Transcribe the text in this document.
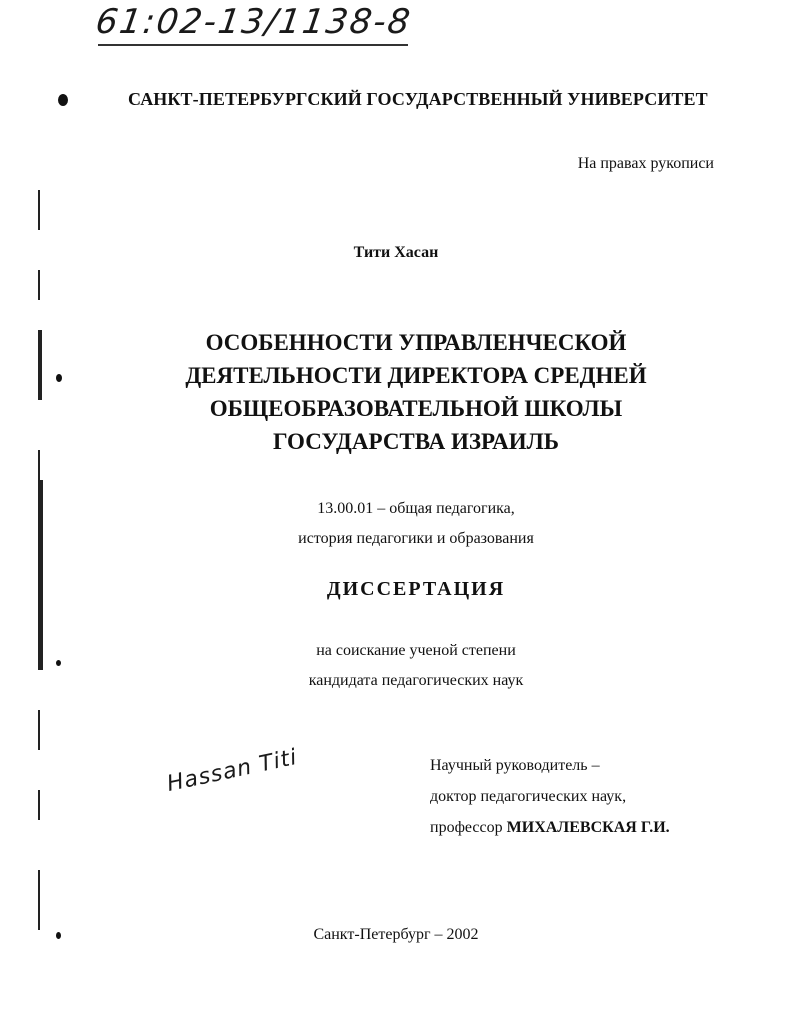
61:02-13/1138-8
САНКТ-ПЕТЕРБУРГСКИЙ ГОСУДАРСТВЕННЫЙ УНИВЕРСИТЕТ
На правах рукописи
Тити Хасан
ОСОБЕННОСТИ УПРАВЛЕНЧЕСКОЙ
ДЕЯТЕЛЬНОСТИ ДИРЕКТОРА СРЕДНЕЙ
ОБЩЕОБРАЗОВАТЕЛЬНОЙ ШКОЛЫ
ГОСУДАРСТВА ИЗРАИЛЬ
13.00.01 – общая педагогика,
история педагогики и образования
ДИССЕРТАЦИЯ
на соискание ученой степени
кандидата педагогических наук
Hassan Titi	Научный руководитель –
доктор педагогических наук,
профессор МИХАЛЕВСКАЯ Г.И.
Санкт-Петербург – 2002
